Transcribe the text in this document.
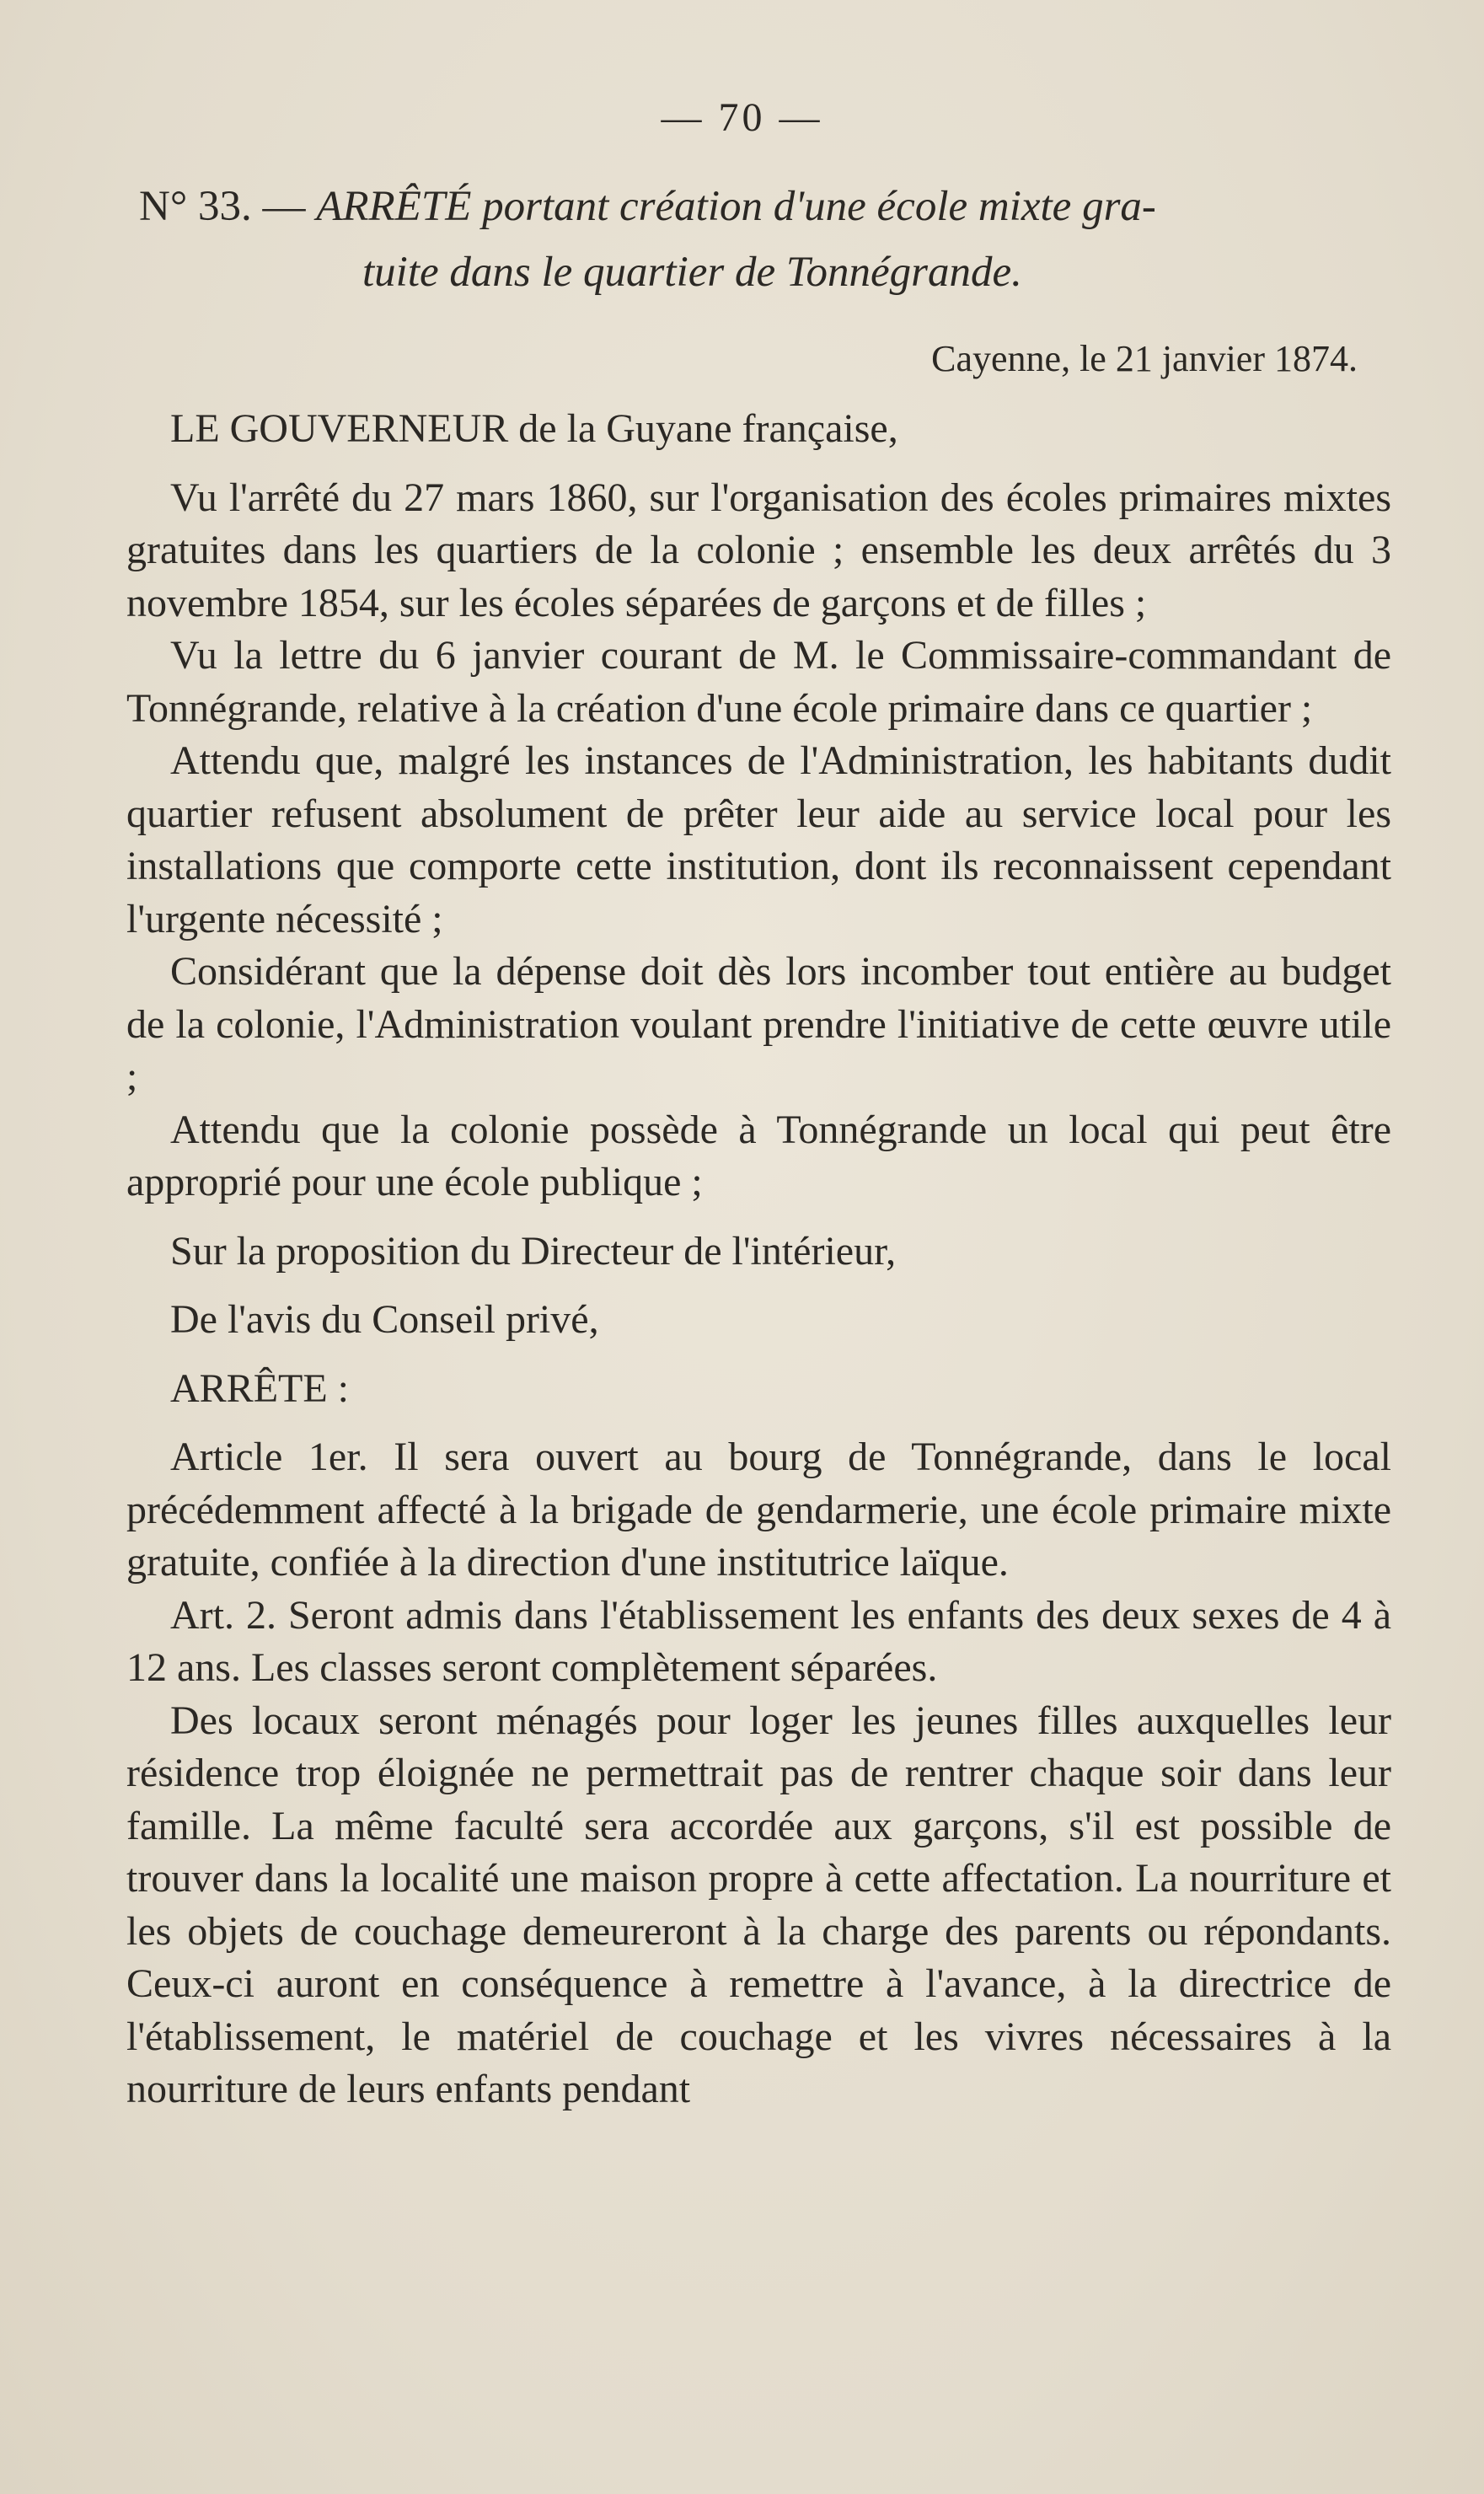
— 70 —
N° 33. — ARRÊTÉ portant création d'une école mixte gra-
tuite dans le quartier de Tonnégrande.
Cayenne, le 21 janvier 1874.

LE GOUVERNEUR de la Guyane française,

Vu l'arrêté du 27 mars 1860, sur l'organisation des écoles primaires mixtes gratuites dans les quartiers de la colonie ; ensemble les deux arrêtés du 3 novembre 1854, sur les écoles séparées de garçons et de filles ;

Vu la lettre du 6 janvier courant de M. le Commissaire-commandant de Tonnégrande, relative à la création d'une école primaire dans ce quartier ;

Attendu que, malgré les instances de l'Administration, les habitants dudit quartier refusent absolument de prêter leur aide au service local pour les installations que comporte cette institution, dont ils reconnaissent cependant l'urgente nécessité ;

Considérant que la dépense doit dès lors incomber tout entière au budget de la colonie, l'Administration voulant prendre l'initiative de cette œuvre utile ;

Attendu que la colonie possède à Tonnégrande un local qui peut être approprié pour une école publique ;

Sur la proposition du Directeur de l'intérieur,

De l'avis du Conseil privé,

ARRÊTE :

Article 1er. Il sera ouvert au bourg de Tonnégrande, dans le local précédemment affecté à la brigade de gendarmerie, une école primaire mixte gratuite, confiée à la direction d'une institutrice laïque.

Art. 2. Seront admis dans l'établissement les enfants des deux sexes de 4 à 12 ans. Les classes seront complètement séparées.

Des locaux seront ménagés pour loger les jeunes filles auxquelles leur résidence trop éloignée ne permettrait pas de rentrer chaque soir dans leur famille. La même faculté sera accordée aux garçons, s'il est possible de trouver dans la localité une maison propre à cette affectation. La nourriture et les objets de couchage demeureront à la charge des parents ou répondants. Ceux-ci auront en conséquence à remettre à l'avance, à la directrice de l'établissement, le matériel de couchage et les vivres nécessaires à la nourriture de leurs enfants pendant
